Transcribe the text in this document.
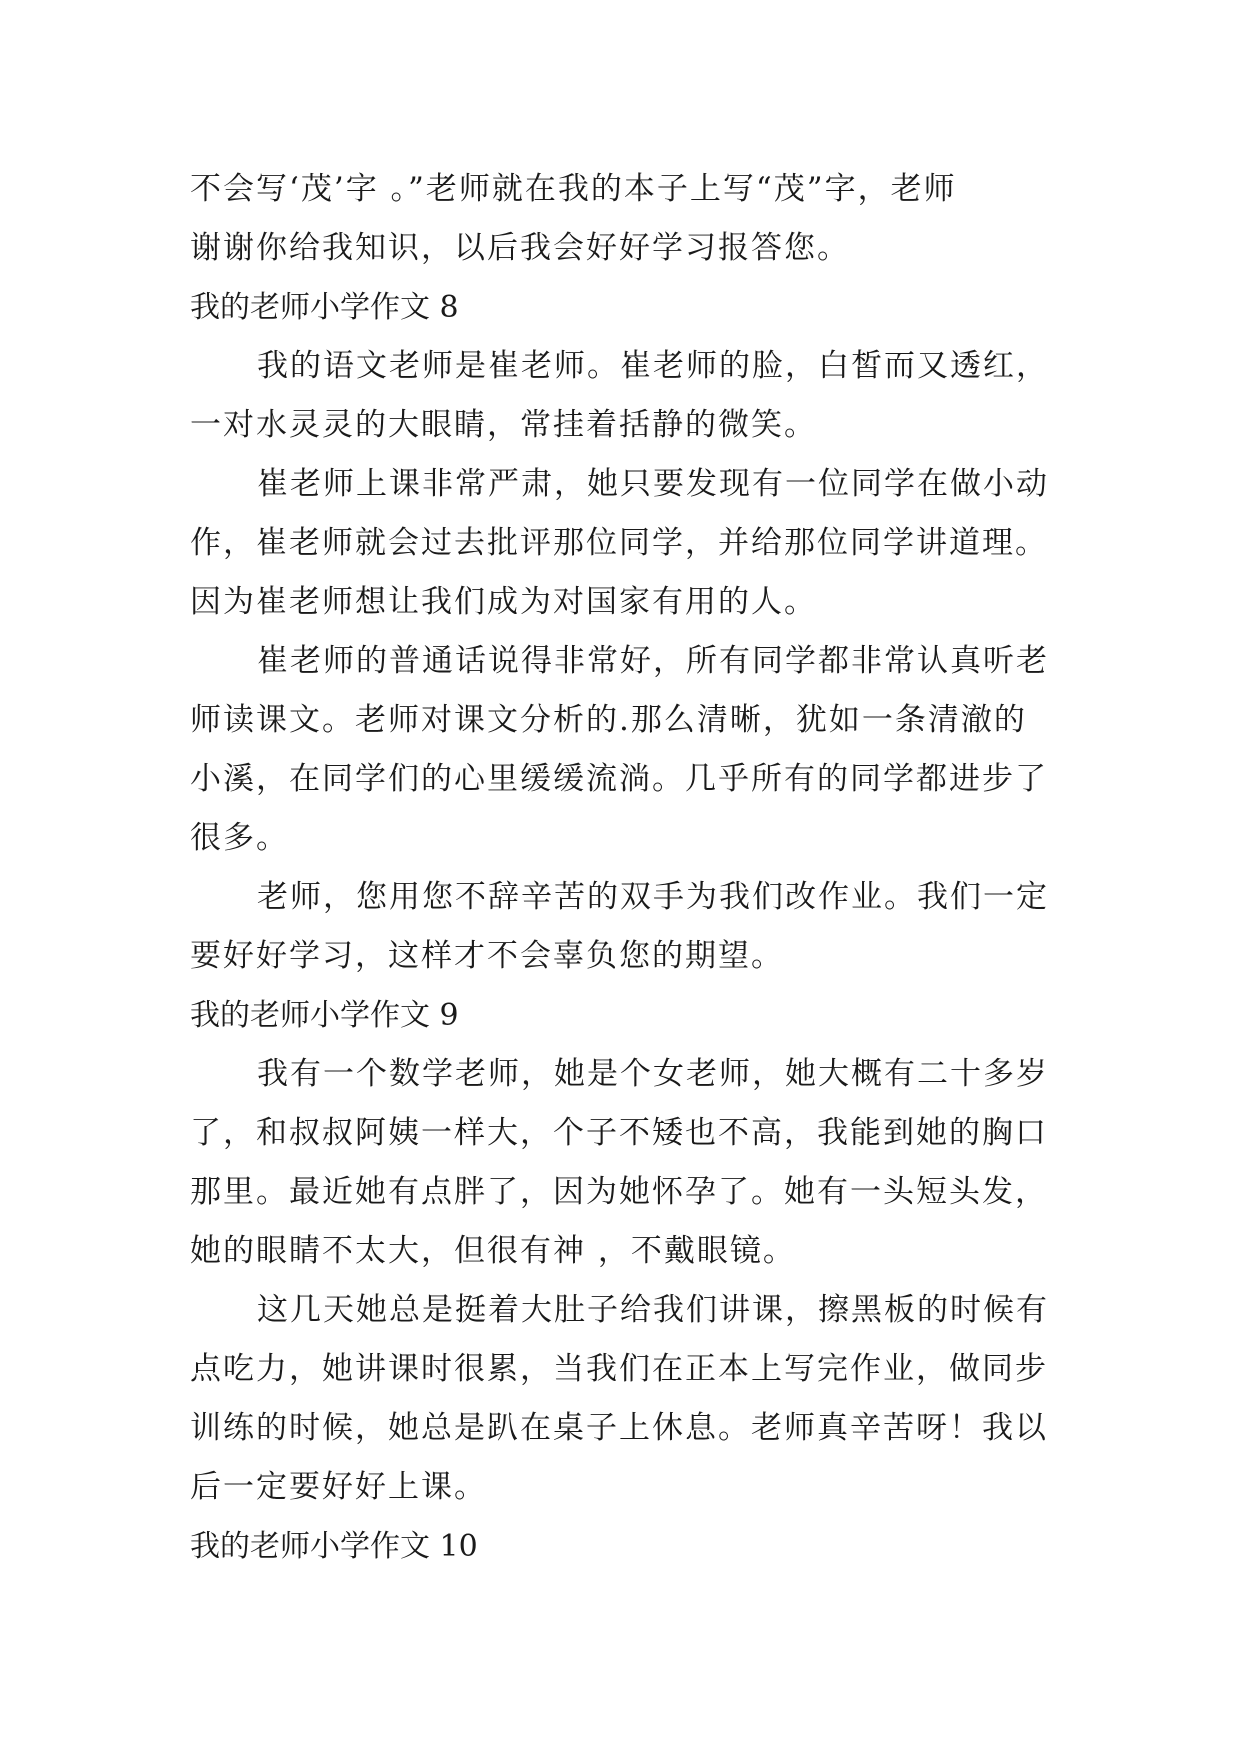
不会写‘茂’字 。”老师就在我的本子上写“茂”字，老师
谢谢你给我知识，以后我会好好学习报答您。
我的老师小学作文 8
我的语文老师是崔老师。崔老师的脸，白皙而又透红，
一对水灵灵的大眼睛，常挂着括静的微笑。
崔老师上课非常严肃，她只要发现有一位同学在做小动
作，崔老师就会过去批评那位同学，并给那位同学讲道理。
因为崔老师想让我们成为对国家有用的人。
崔老师的普通话说得非常好，所有同学都非常认真听老
师读课文。老师对课文分析的.那么清晰，犹如一条清澈的
小溪，在同学们的心里缓缓流淌。几乎所有的同学都进步了
很多。
老师，您用您不辞辛苦的双手为我们改作业。我们一定
要好好学习，这样才不会辜负您的期望。
我的老师小学作文 9
我有一个数学老师，她是个女老师，她大概有二十多岁
了，和叔叔阿姨一样大，个子不矮也不高，我能到她的胸口
那里。最近她有点胖了，因为她怀孕了。她有一头短头发，
她的眼睛不太大，但很有神 ，不戴眼镜。
这几天她总是挺着大肚子给我们讲课，擦黑板的时候有
点吃力，她讲课时很累，当我们在正本上写完作业，做同步
训练的时候，她总是趴在桌子上休息。老师真辛苦呀！我以
后一定要好好上课。
我的老师小学作文 10
